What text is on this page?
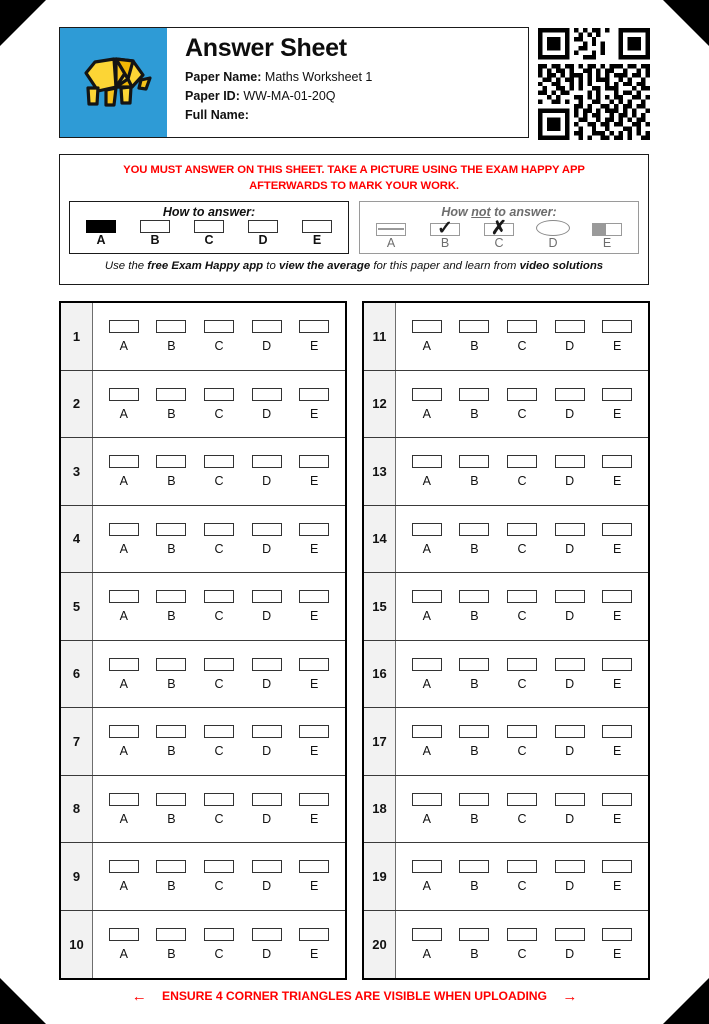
Answer Sheet
Paper Name: Maths Worksheet 1
Paper ID: WW-MA-01-20Q
Full Name:
YOU MUST ANSWER ON THIS SHEET. TAKE A PICTURE USING THE EXAM HAPPY APP
AFTERWARDS TO MARK YOUR WORK.
How to answer:
A	B	C	D	E
How not to answer:
A
✓
B
✗
C	D	E
Use the free Exam Happy app to view the average for this paper and learn from video solutions
1
A	B	C	D	E
2
A	B	C	D	E
3
A	B	C	D	E
4
A	B	C	D	E
5
A	B	C	D	E
6
A	B	C	D	E
7
A	B	C	D	E
8
A	B	C	D	E
9
A	B	C	D	E
10
A	B	C	D	E
11
A	B	C	D	E
12
A	B	C	D	E
13
A	B	C	D	E
14
A	B	C	D	E
15
A	B	C	D	E
16
A	B	C	D	E
17
A	B	C	D	E
18
A	B	C	D	E
19
A	B	C	D	E
20
A	B	C	D	E
← ENSURE 4 CORNER TRIANGLES ARE VISIBLE WHEN UPLOADING →
